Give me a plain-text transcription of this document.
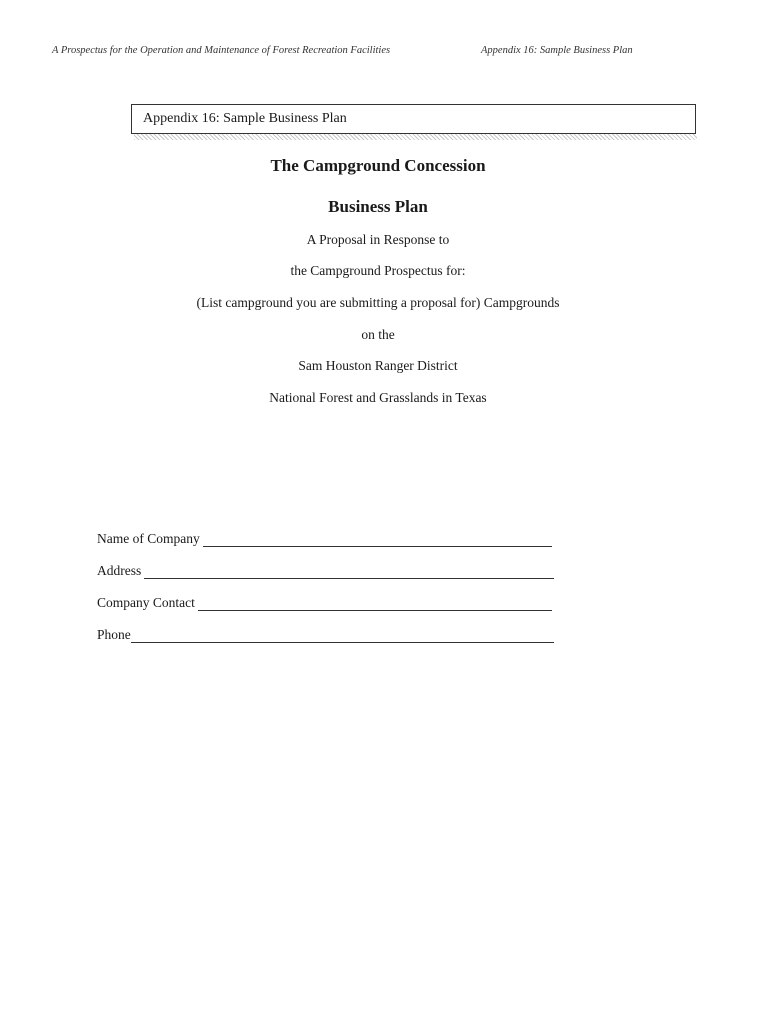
A Prospectus for the Operation and Maintenance of Forest Recreation Facilities	Appendix 16: Sample Business Plan
Appendix 16: Sample Business Plan
The Campground Concession
Business Plan
A Proposal in Response to
the Campground Prospectus for:
(List campground you are submitting a proposal for) Campgrounds
on the
Sam Houston Ranger District
National Forest and Grasslands in Texas
Name of Company
Address
Company Contact
Phone
